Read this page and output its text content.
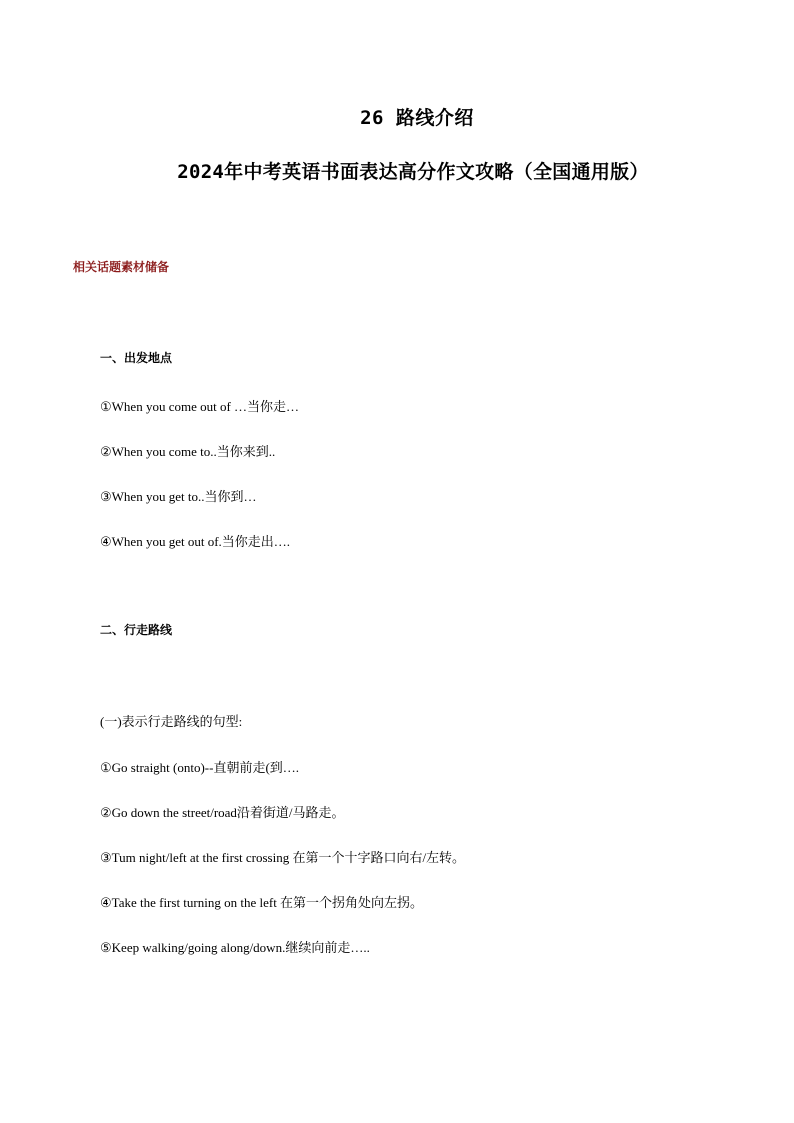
26 路线介绍
2024年中考英语书面表达高分作文攻略（全国通用版）
相关话题素材储备
一、出发地点
①When you come out of …当你走…
②When you come to..当你来到..
③When you get to..当你到…
④When you get out of.当你走出….
二、行走路线
(一)表示行走路线的句型:
①Go straight (onto)--直朝前走(到….
②Go down the street/road沿着街道/马路走。
③Tum night/left at the first crossing 在第一个十字路口向右/左转。
④Take the first turning on the left 在第一个拐角处向左拐。
⑤Keep walking/going along/down.继续向前走…..
